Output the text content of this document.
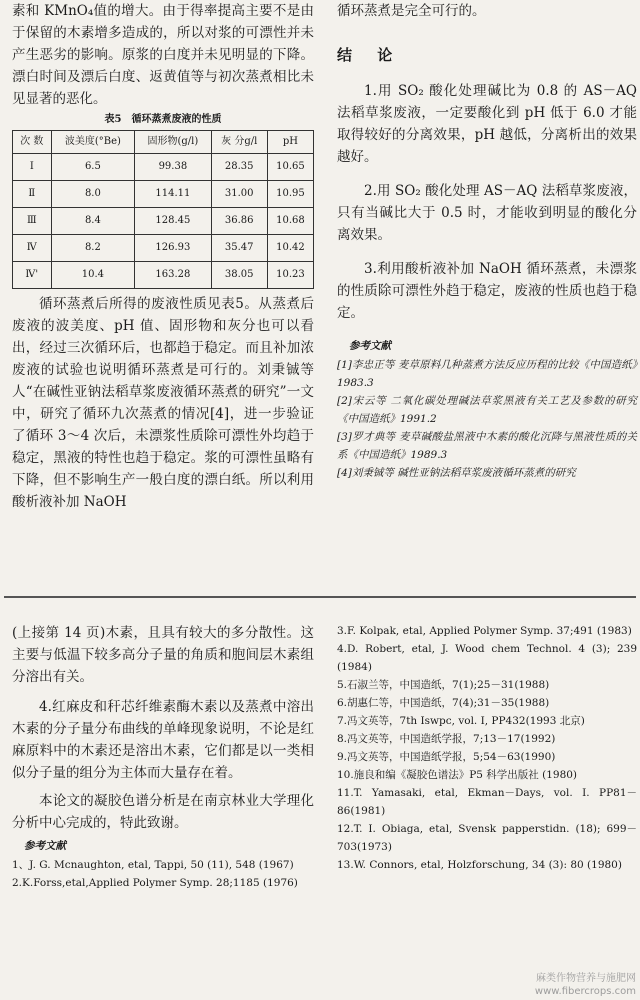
素和 KMnO₄值的增大。由于得率提高主要不是由于保留的木素增多造成的，所以对浆的可漂性并未产生恶劣的影响。原浆的白度并未见明显的下降。漂白时间及漂后白度、返黄值等与初次蒸煮相比未见显著的恶化。

表5　循环蒸煮废液的性质
次 数	波美度(°Be)	固形物(g/l)	灰 分g/l	pH
Ⅰ	6.5	99.38	28.35	10.65
Ⅱ	8.0	114.11	31.00	10.95
Ⅲ	8.4	128.45	36.86	10.68
Ⅳ	8.2	126.93	35.47	10.42
Ⅳ'	10.4	163.28	38.05	10.23

循环蒸煮后所得的废液性质见表5。从蒸煮后废液的波美度、pH 值、固形物和灰分也可以看出，经过三次循环后，也都趋于稳定。而且补加浓废液的试验也说明循环蒸煮是可行的。刘秉铖等人“在碱性亚钠法稻草浆废液循环蒸煮的研究”一文中，研究了循环九次蒸煮的情况[4]，进一步验证了循环 3～4 次后，未漂浆性质除可漂性外均趋于稳定，黑液的特性也趋于稳定。浆的可漂性虽略有下降，但不影响生产一般白度的漂白纸。所以利用酸析液补加 NaOH

循环蒸煮是完全可行的。

结 论

1.用 SO₂ 酸化处理碱比为 0.8 的 AS－AQ 法稻草浆废液，一定要酸化到 pH 低于 6.0 才能取得较好的分离效果，pH 越低，分离析出的效果越好。

2.用 SO₂ 酸化处理 AS－AQ 法稻草浆废液，只有当碱比大于 0.5 时，才能收到明显的酸化分离效果。

3.利用酸析液补加 NaOH 循环蒸煮，未漂浆的性质除可漂性外趋于稳定，废液的性质也趋于稳定。

参考文献

[1]李忠正等 麦草原料几种蒸煮方法反应历程的比较《中国造纸》1983.3

[2]宋云等 二氧化碳处理碱法草浆黑液有关工艺及参数的研究《中国造纸》1991.2

[3]罗才典等 麦草碱酸盐黑液中木素的酸化沉降与黑液性质的关系《中国造纸》1989.3

[4]刘秉铖等 碱性亚钠法稻草浆废液循环蒸煮的研究

(上接第 14 页)木素，且具有较大的多分散性。这主要与低温下较多高分子量的角质和胞间层木素组分溶出有关。

4.红麻皮和秆芯纤维素酶木素以及蒸煮中溶出木素的分子量分布曲线的单峰现象说明，不论是红麻原料中的木素还是溶出木素，它们都是以一类相似分子量的组分为主体而大量存在着。

本论文的凝胶色谱分析是在南京林业大学理化分析中心完成的，特此致谢。

参考文献

1、J. G. Mcnaughton, etal, Tappi, 50 (11), 548 (1967)

2.K.Forss,etal,Applied Polymer Symp. 28;1185 (1976)

3.F. Kolpak, etal, Applied Polymer Symp. 37;491 (1983)

4.D. Robert, etal, J. Wood chem Technol. 4 (3); 239 (1984)

5.石淑兰等，中国造纸，7(1);25－31(1988)

6.胡惠仁等，中国造纸，7(4);31－35(1988)

7.冯文英等，7th Iswpc, vol. I, PP432(1993 北京)

8.冯文英等，中国造纸学报，7;13－17(1992)

9.冯文英等，中国造纸学报，5;54－63(1990)

10.施良和编《凝胶色谱法》P5 科学出版社 (1980)

11.T. Yamasaki, etal, Ekman－Days, vol. I. PP81－86(1981)

12.T. I. Obiaga, etal, Svensk papperstidn. (18); 699－703(1973)

13.W. Connors, etal, Holzforschung, 34 (3): 80 (1980)

麻类作物营养与施肥网
www.fibercrops.com
